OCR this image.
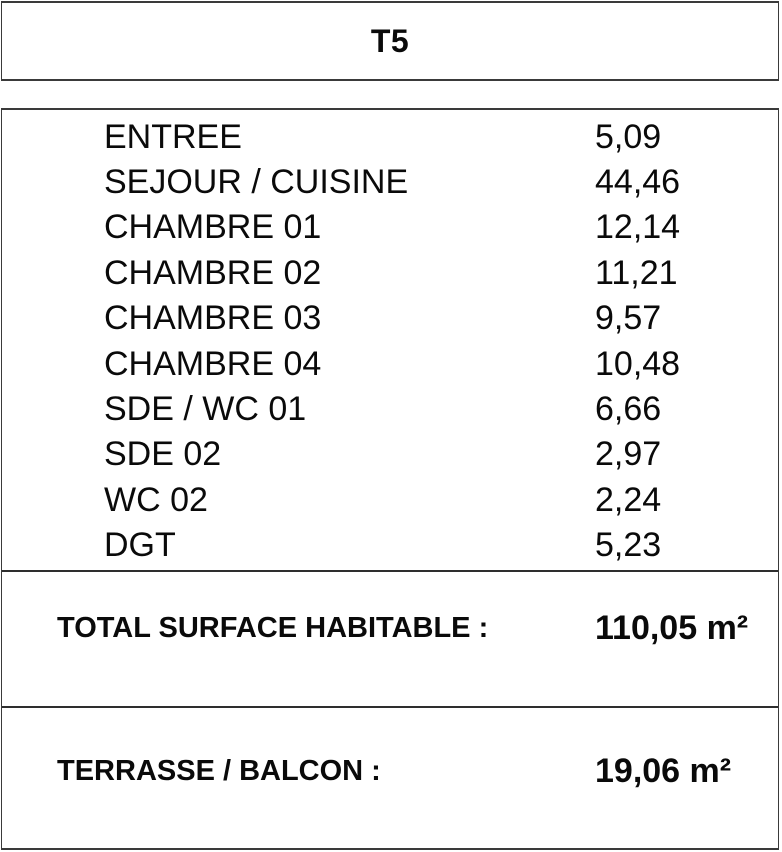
T5
ENTREE	5,09
SEJOUR / CUISINE	44,46
CHAMBRE 01	12,14
CHAMBRE 02	11,21
CHAMBRE 03	9,57
CHAMBRE 04	10,48
SDE / WC 01	6,66
SDE 02	2,97
WC 02	2,24
DGT	5,23
TOTAL SURFACE HABITABLE :	110,05 m²
TERRASSE / BALCON :	19,06 m²
